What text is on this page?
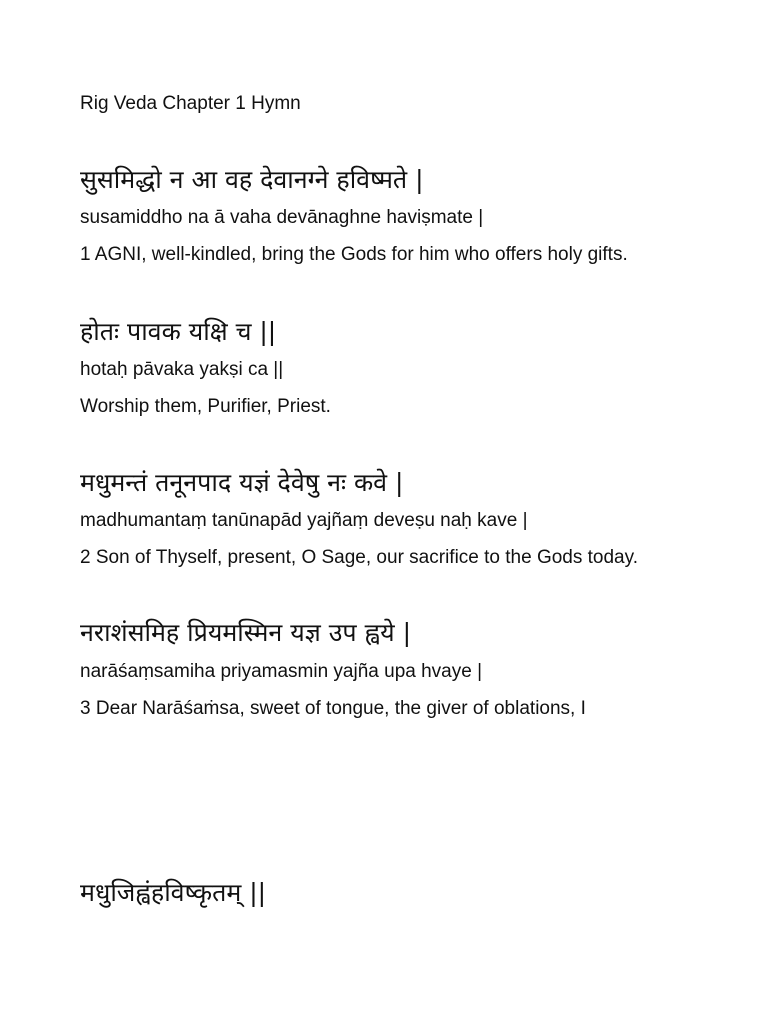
Rig Veda Chapter 1 Hymn
सुसमिद्धो न आ वह देवानग्ने हविष्मते |
susamiddho na ā vaha devānaghne haviṣmate |
1 AGNI, well-kindled, bring the Gods for him who offers holy gifts.
होतः पावक यक्षि च ||
hotaḥ pāvaka yakṣi ca ||
Worship them, Purifier, Priest.
मधुमन्तं तनूनपाद यज्ञं देवेषु नः कवे |
madhumantaṃ tanūnapād yajñaṃ deveṣu naḥ kave |
2 Son of Thyself, present, O Sage, our sacrifice to the Gods today.
नराशंसमिह प्रियमस्मिन यज्ञ उप ह्वये |
narāśaṃsamiha priyamasmin yajña upa hvaye |
3 Dear Narāśaṁsa, sweet of tongue, the giver of oblations, I
मधुजिह्वंहविष्कृतम् ||
